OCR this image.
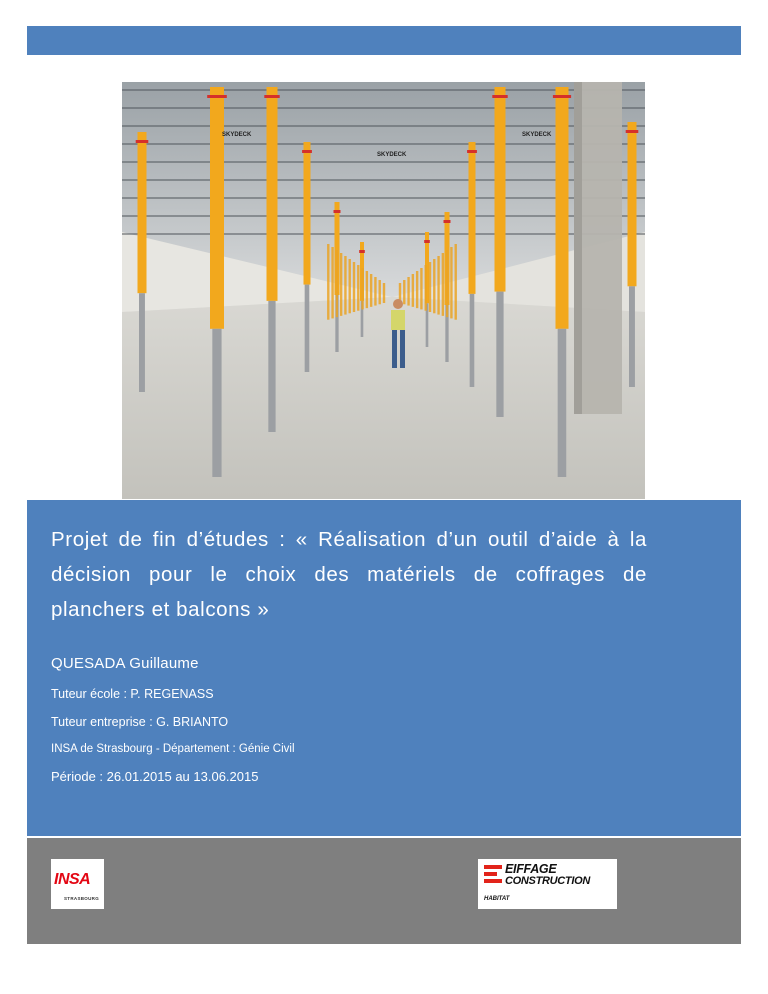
SKYDECK	SKYDECK
SKYDECK

Projet de fin d’études : « Réalisation d’un outil d’aide à la décision pour le choix des matériels de coffrages de planchers et balcons »

QUESADA Guillaume
Tuteur école : P. REGENASS
Tuteur entreprise : G. BRIANTO
INSA de Strasbourg - Département : Génie Civil
Période : 26.01.2015 au 13.06.2015
INSA
STRASBOURG
EIFFAGE
CONSTRUCTION
HABITAT
